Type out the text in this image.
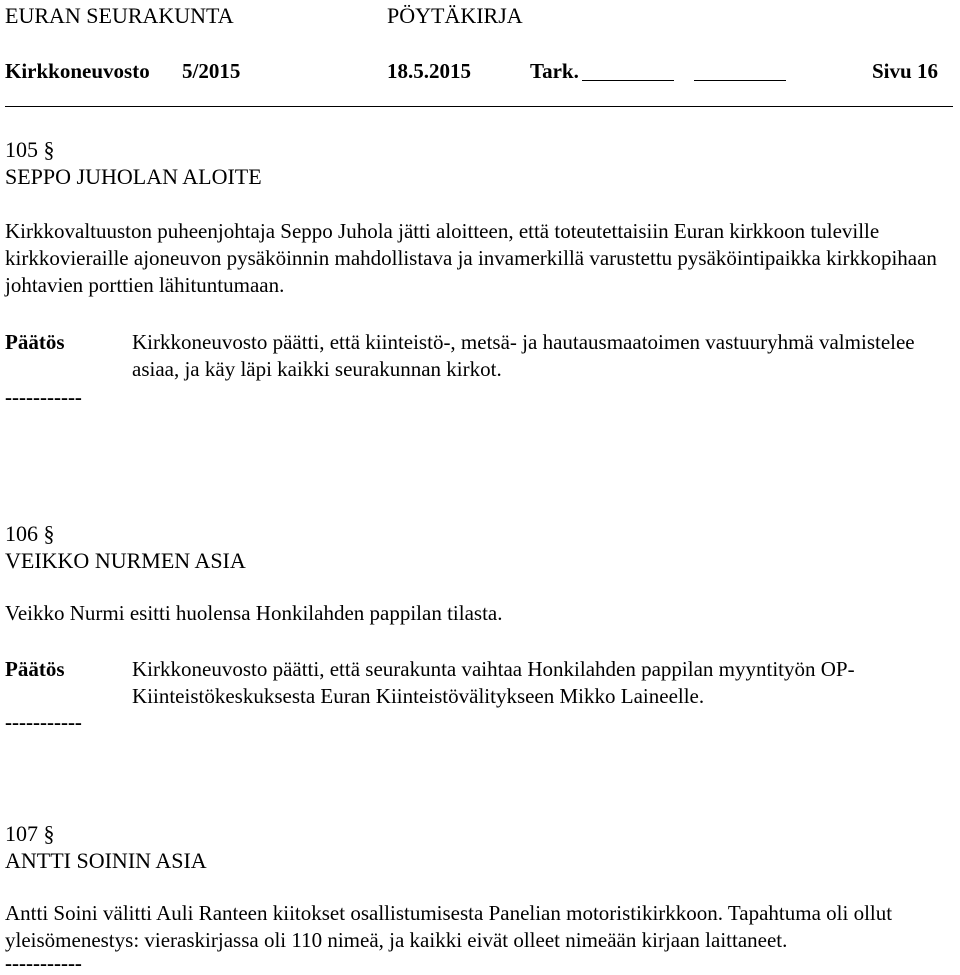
EURAN SEURAKUNTA	PÖYTÄKIRJA
Kirkkoneuvosto 5/2015	18.5.2015	Tark.	Sivu 16
105 §
SEPPO JUHOLAN ALOITE
Kirkkovaltuuston puheenjohtaja Seppo Juhola jätti aloitteen, että toteutettaisiin Euran kirkkoon tuleville kirkkovieraille ajoneuvon pysäköinnin mahdollistava ja invamerkillä varustettu pysäköintipaikka kirkkopihaan johtavien porttien lähituntumaan.
Päätös	Kirkkoneuvosto päätti, että kiinteistö-, metsä- ja hautausmaatoimen vastuuryhmä valmistelee asiaa, ja käy läpi kaikki seurakunnan kirkot.
-----------
106 §
VEIKKO NURMEN ASIA
Veikko Nurmi esitti huolensa Honkilahden pappilan tilasta.
Päätös	Kirkkoneuvosto päätti, että seurakunta vaihtaa Honkilahden pappilan myyntityön OP-Kiinteistökeskuksesta Euran Kiinteistövälitykseen Mikko Laineelle.
-----------
107 §
ANTTI SOININ ASIA
Antti Soini välitti Auli Ranteen kiitokset osallistumisesta Panelian motoristikirkkoon. Tapahtuma oli ollut yleisömenestys: vieraskirjassa oli 110 nimeä, ja kaikki eivät olleet nimeään kirjaan laittaneet.
-----------
